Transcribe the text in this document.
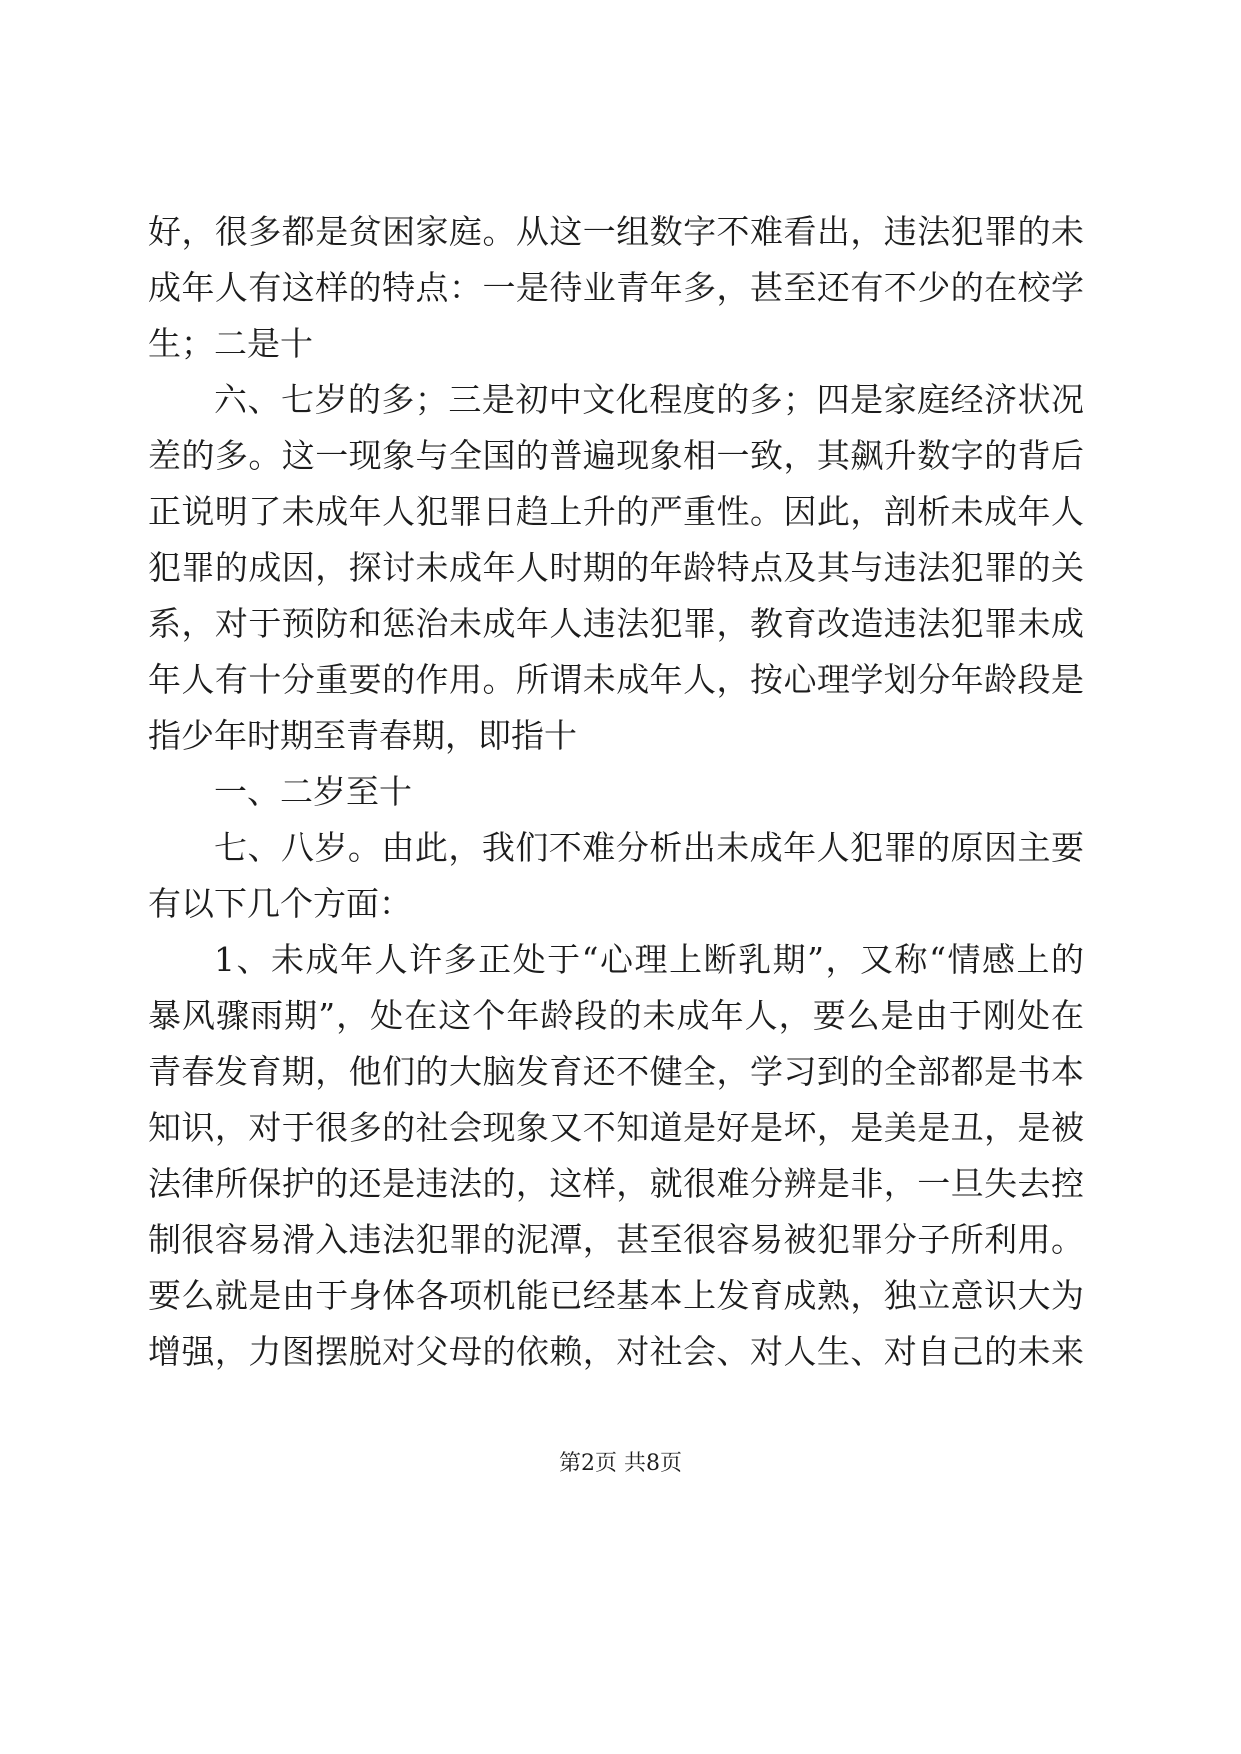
好，很多都是贫困家庭。从这一组数字不难看出，违法犯罪的未
成年人有这样的特点：一是待业青年多，甚至还有不少的在校学
生；二是十
六、七岁的多；三是初中文化程度的多；四是家庭经济状况
差的多。这一现象与全国的普遍现象相一致，其飙升数字的背后
正说明了未成年人犯罪日趋上升的严重性。因此，剖析未成年人
犯罪的成因，探讨未成年人时期的年龄特点及其与违法犯罪的关
系，对于预防和惩治未成年人违法犯罪，教育改造违法犯罪未成
年人有十分重要的作用。所谓未成年人，按心理学划分年龄段是
指少年时期至青春期，即指十
一、二岁至十
七、八岁。由此，我们不难分析出未成年人犯罪的原因主要
有以下几个方面：
1、未成年人许多正处于“心理上断乳期”，又称“情感上的
暴风骤雨期”，处在这个年龄段的未成年人，要么是由于刚处在
青春发育期，他们的大脑发育还不健全，学习到的全部都是书本
知识，对于很多的社会现象又不知道是好是坏，是美是丑，是被
法律所保护的还是违法的，这样，就很难分辨是非，一旦失去控
制很容易滑入违法犯罪的泥潭，甚至很容易被犯罪分子所利用。
要么就是由于身体各项机能已经基本上发育成熟，独立意识大为
增强，力图摆脱对父母的依赖，对社会、对人生、对自己的未来
第2页 共8页
